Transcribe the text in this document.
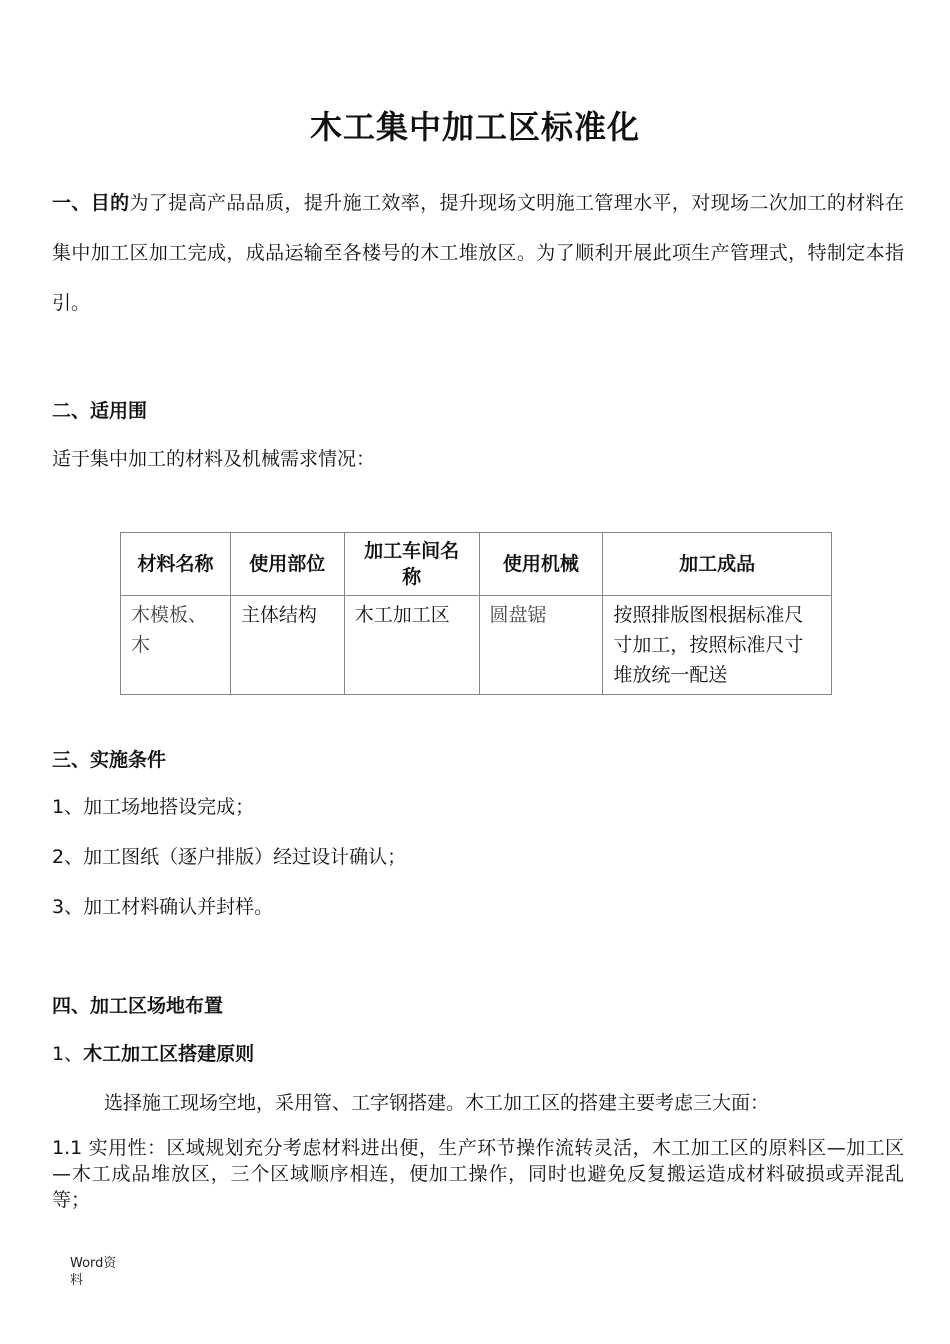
木工集中加工区标准化
一、目的为了提高产品品质，提升施工效率，提升现场文明施工管理水平，对现场二次加工的材料在集中加工区加工完成，成品运输至各楼号的木工堆放区。为了顺利开展此项生产管理式，特制定本指引。
二、适用围
适于集中加工的材料及机械需求情况：
材料名称	使用部位	加工车间名称	使用机械	加工成品
木模板、木	主体结构	木工加工区	圆盘锯	按照排版图根据标准尺寸加工，按照标准尺寸堆放统一配送
三、实施条件
1、加工场地搭设完成；
2、加工图纸（逐户排版）经过设计确认；
3、加工材料确认并封样。
四、加工区场地布置
1、木工加工区搭建原则
选择施工现场空地，采用管、工字钢搭建。木工加工区的搭建主要考虑三大面：
1.1 实用性：区域规划充分考虑材料进出便，生产环节操作流转灵活，木工加工区的原料区—加工区—木工成品堆放区，三个区域顺序相连，便加工操作，同时也避免反复搬运造成材料破损或弄混乱等；
Word资料
